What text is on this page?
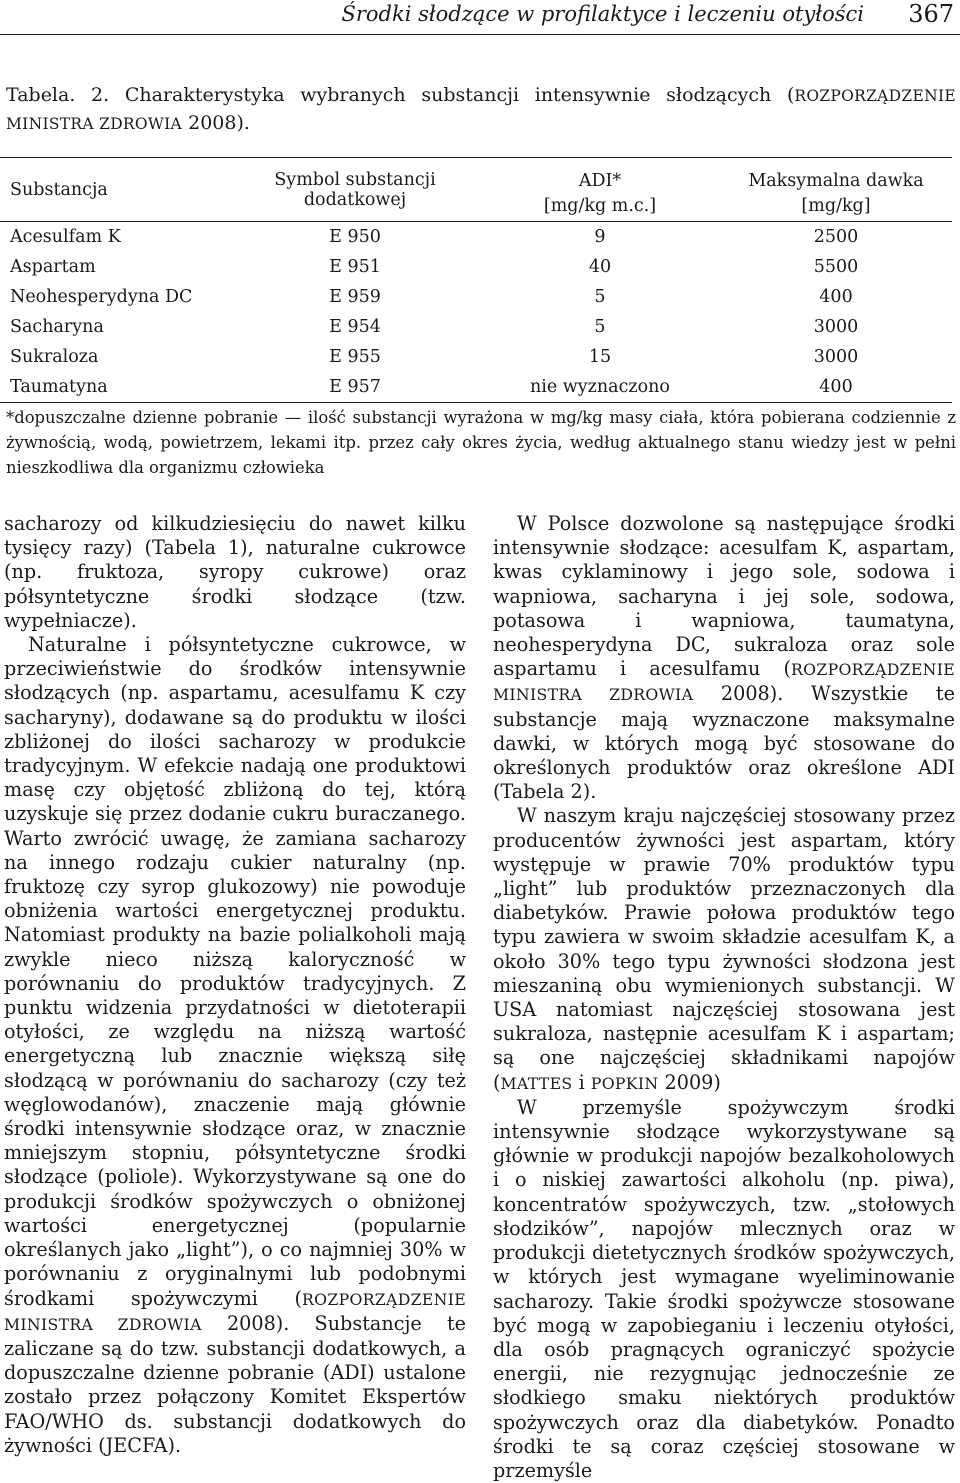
Środki słodzące w profilaktyce i leczeniu otyłości 367
Tabela. 2. Charakterystyka wybranych substancji intensywnie słodzących (ROZPORZĄDZENIE MINISTRA ZDROWIA 2008).

Substancja	Symbol substancji dodatkowej	ADI*	Maksymalna dawka
		[mg/kg m.c.]	[mg/kg]
Acesulfam K	E 950	9	2500
Aspartam	E 951	40	5500
Neohesperydyna DC	E 959	5	400
Sacharyna	E 954	5	3000
Sukraloza	E 955	15	3000
Taumatyna	E 957	nie wyznaczono	400
*dopuszczalne dzienne pobranie — ilość substancji wyrażona w mg/kg masy ciała, która pobierana codziennie z żywnością, wodą, powietrzem, lekami itp. przez cały okres życia, według aktualnego stanu wiedzy jest w pełni nieszkodliwa dla organizmu człowieka

sacharozy od kilkudziesięciu do nawet kilku tysięcy razy) (Tabela 1), naturalne cukrowce (np. fruktoza, syropy cukrowe) oraz półsyntetyczne środki słodzące (tzw. wypełniacze).

Naturalne i półsyntetyczne cukrowce, w przeciwieństwie do środków intensywnie słodzących (np. aspartamu, acesulfamu K czy sacharyny), dodawane są do produktu w ilości zbliżonej do ilości sacharozy w produkcie tradycyjnym. W efekcie nadają one produktowi masę czy objętość zbliżoną do tej, którą uzyskuje się przez dodanie cukru buraczanego. Warto zwrócić uwagę, że zamiana sacharozy na innego rodzaju cukier naturalny (np. fruktozę czy syrop glukozowy) nie powoduje obniżenia wartości energetycznej produktu. Natomiast produkty na bazie polialkoholi mają zwykle nieco niższą kaloryczność w porównaniu do produktów tradycyjnych. Z punktu widzenia przydatności w dietoterapii otyłości, ze względu na niższą wartość energetyczną lub znacznie większą siłę słodzącą w porównaniu do sacharozy (czy też węglowodanów), znaczenie mają głównie środki intensywnie słodzące oraz, w znacznie mniejszym stopniu, półsyntetyczne środki słodzące (poliole). Wykorzystywane są one do produkcji środków spożywczych o obniżonej wartości energetycznej (popularnie określanych jako „light”), o co najmniej 30% w porównaniu z oryginalnymi lub podobnymi środkami spożywczymi (ROZPORZĄDZENIE MINISTRA ZDROWIA 2008). Substancje te zaliczane są do tzw. substancji dodatkowych, a dopuszczalne dzienne pobranie (ADI) ustalone zostało przez połączony Komitet Ekspertów FAO/WHO ds. substancji dodatkowych do żywności (JECFA).

W Polsce dozwolone są następujące środki intensywnie słodzące: acesulfam K, aspartam, kwas cyklaminowy i jego sole, sodowa i wapniowa, sacharyna i jej sole, sodowa, potasowa i wapniowa, taumatyna, neohesperydyna DC, sukraloza oraz sole aspartamu i acesulfamu (ROZPORZĄDZENIE MINISTRA ZDROWIA 2008). Wszystkie te substancje mają wyznaczone maksymalne dawki, w których mogą być stosowane do określonych produktów oraz określone ADI (Tabela 2).

W naszym kraju najczęściej stosowany przez producentów żywności jest aspartam, który występuje w prawie 70% produktów typu „light” lub produktów przeznaczonych dla diabetyków. Prawie połowa produktów tego typu zawiera w swoim składzie acesulfam K, a około 30% tego typu żywności słodzona jest mieszaniną obu wymienionych substancji. W USA natomiast najczęściej stosowana jest sukraloza, następnie acesulfam K i aspartam; są one najczęściej składnikami napojów (MATTES i POPKIN 2009)

W przemyśle spożywczym środki intensywnie słodzące wykorzystywane są głównie w produkcji napojów bezalkoholowych i o niskiej zawartości alkoholu (np. piwa), koncentratów spożywczych, tzw. „stołowych słodzików”, napojów mlecznych oraz w produkcji dietetycznych środków spożywczych, w których jest wymagane wyeliminowanie sacharozy. Takie środki spożywcze stosowane być mogą w zapobieganiu i leczeniu otyłości, dla osób pragnących ograniczyć spożycie energii, nie rezygnując jednocześnie ze słodkiego smaku niektórych produktów spożywczych oraz dla diabetyków. Ponadto środki te są coraz częściej stosowane w przemyśle
